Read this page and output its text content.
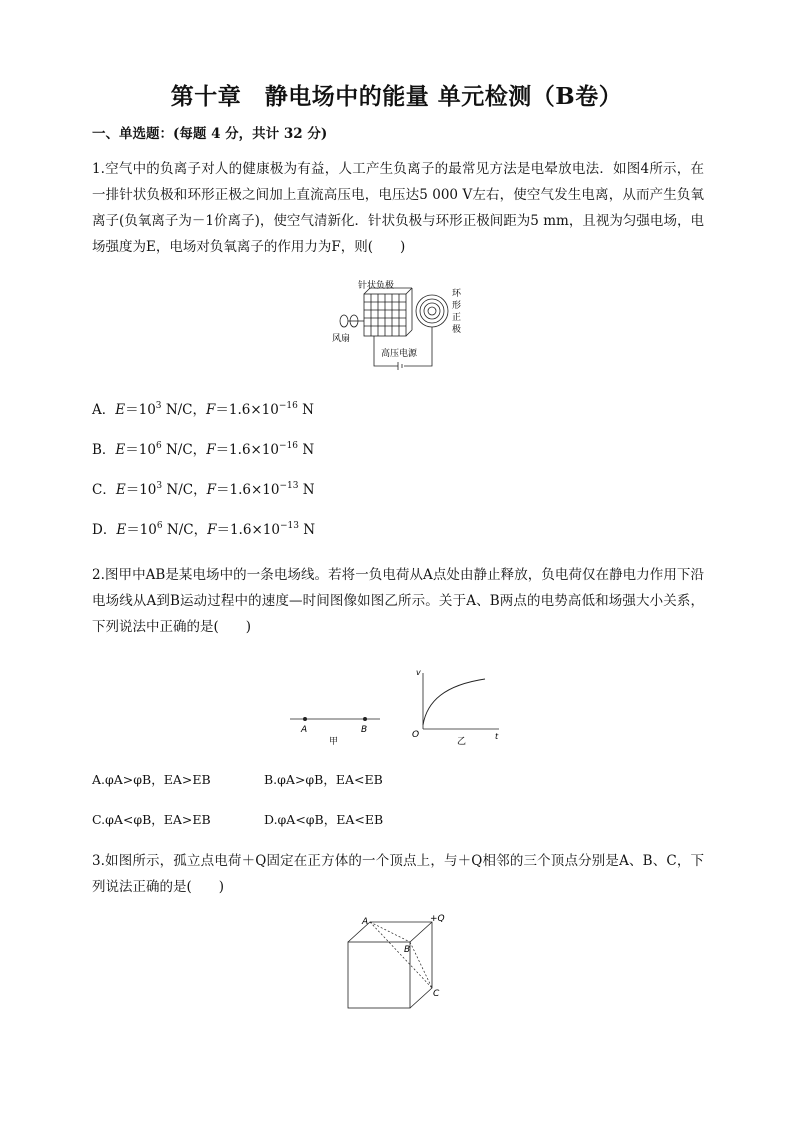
第十章　静电场中的能量 单元检测（B卷）
一、单选题：(每题 4 分，共计 32 分)
1.空气中的负离子对人的健康极为有益，人工产生负离子的最常见方法是电晕放电法．如图4所示，在一排针状负极和环形正极之间加上直流高压电，电压达5 000 V左右，使空气发生电离，从而产生负氧离子(负氧离子为－1价离子)，使空气清新化．针状负极与环形正极间距为5 mm，且视为匀强电场，电场强度为E，电场对负氧离子的作用力为F，则(　　)
针状负极
风扇
环
形
正
极
高压电源
A．$E=10^3$ N/C，$F=1.6\times 10^{-16}$ N
B．$E=10^6$ N/C，$F=1.6\times 10^{-16}$ N
C．$E=10^3$ N/C，$F=1.6\times 10^{-13}$ N
D．$E=10^6$ N/C，$F=1.6\times 10^{-13}$ N
2.图甲中AB是某电场中的一条电场线。若将一负电荷从A点处由静止释放，负电荷仅在静电力作用下沿电场线从A到B运动过程中的速度—时间图像如图乙所示。关于A、B两点的电势高低和场强大小关系，下列说法中正确的是(　　)
A	B
甲
v
O	t
乙
A.φA>φB，EA>EB	B.φA>φB，EA<EB
C.φA<φB，EA>EB	D.φA<φB，EA<EB
3.如图所示，孤立点电荷＋Q固定在正方体的一个顶点上，与＋Q相邻的三个顶点分别是A、B、C，下列说法正确的是(　　)
A	+Q
B
C
